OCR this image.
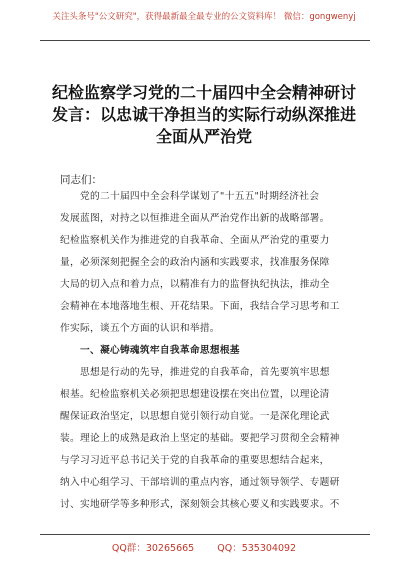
关注头条号"公文研究"，获得最新最全最专业的公文资料库！ 微信：gongwenyj
纪检监察学习党的二十届四中全会精神研讨
发言：以忠诚干净担当的实际行动纵深推进
全面从严治党
同志们：
党的二十届四中全会科学谋划了"十五五"时期经济社会
发展蓝图，对持之以恒推进全面从严治党作出新的战略部署。
纪检监察机关作为推进党的自我革命、全面从严治党的重要力
量，必须深刻把握全会的政治内涵和实践要求，找准服务保障
大局的切入点和着力点，以精准有力的监督执纪执法，推动全
会精神在本地落地生根、开花结果。下面，我结合学习思考和工
作实际，谈五个方面的认识和举措。
一、凝心铸魂筑牢自我革命思想根基
思想是行动的先导，推进党的自我革命，首先要筑牢思想
根基。纪检监察机关必须把思想建设摆在突出位置，以理论清
醒保证政治坚定，以思想自觉引领行动自觉。一是深化理论武
装。理论上的成熟是政治上坚定的基础。要把学习贯彻全会精神
与学习习近平总书记关于党的自我革命的重要思想结合起来，
纳入中心组学习、干部培训的重点内容，通过领导领学、专题研
讨、实地研学等多种形式，深刻领会其核心要义和实践要求。不
QQ群：30265665 QQ：535304092
